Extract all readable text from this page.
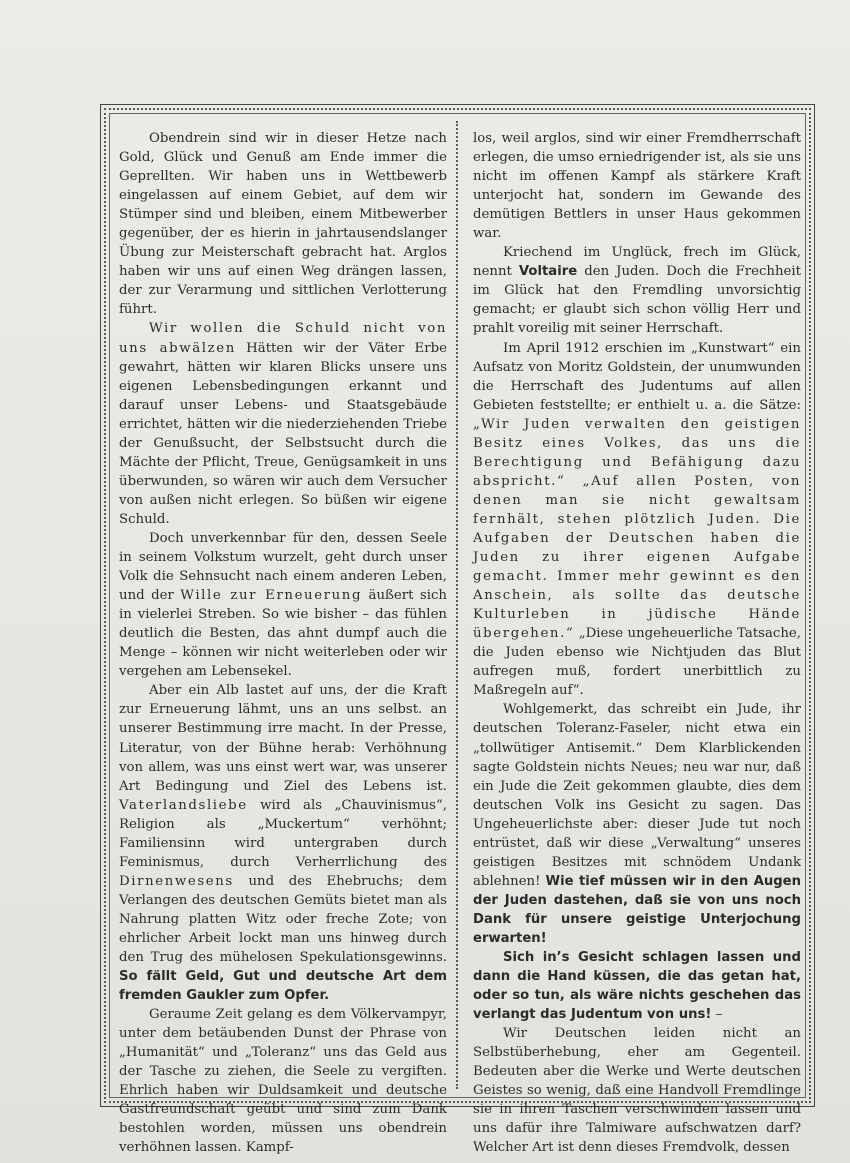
Obendrein sind wir in dieser Hetze nach Gold, Glück und Genuß am Ende immer die Geprellten. Wir haben uns in Wettbewerb eingelassen auf einem Gebiet, auf dem wir Stümper sind und bleiben, einem Mitbewerber gegenüber, der es hierin in jahrtausendslanger Übung zur Meisterschaft gebracht hat. Arglos haben wir uns auf einen Weg drängen lassen, der zur Verarmung und sittlichen Verlotterung führt.

Wir wollen die Schuld nicht von uns abwälzen Hätten wir der Väter Erbe gewahrt, hätten wir klaren Blicks unsere uns eigenen Lebensbedingungen erkannt und darauf unser Lebens- und Staatsgebäude errichtet, hätten wir die niederziehenden Triebe der Genußsucht, der Selbstsucht durch die Mächte der Pflicht, Treue, Genügsamkeit in uns überwunden, so wären wir auch dem Versucher von außen nicht erlegen. So büßen wir eigene Schuld.

Doch unverkennbar für den, dessen Seele in seinem Volkstum wurzelt, geht durch unser Volk die Sehnsucht nach einem anderen Leben, und der Wille zur Erneuerung äußert sich in vielerlei Streben. So wie bisher – das fühlen deutlich die Besten, das ahnt dumpf auch die Menge – können wir nicht weiterleben oder wir vergehen am Lebensekel.

Aber ein Alb lastet auf uns, der die Kraft zur Erneuerung lähmt, uns an uns selbst. an unserer Bestimmung irre macht. In der Presse, Literatur, von der Bühne herab: Verhöhnung von allem, was uns einst wert war, was unserer Art Bedingung und Ziel des Lebens ist. Vaterlandsliebe wird als „Chauvinismus“, Religion als „Muckertum“ verhöhnt; Familiensinn wird untergraben durch Feminismus, durch Verherrlichung des Dirnenwesens und des Ehebruchs; dem Verlangen des deutschen Gemüts bietet man als Nahrung platten Witz oder freche Zote; von ehrlicher Arbeit lockt man uns hinweg durch den Trug des mühelosen Spekulationsgewinns. So fällt Geld, Gut und deutsche Art dem fremden Gaukler zum Opfer.

Geraume Zeit gelang es dem Völkervampyr, unter dem betäubenden Dunst der Phrase von „Humanität“ und „Toleranz“ uns das Geld aus der Tasche zu ziehen, die Seele zu vergiften. Ehrlich haben wir Duldsamkeit und deutsche Gastfreundschaft geübt und sind zum Dank bestohlen worden, müssen uns obendrein verhöhnen lassen. Kampf-

los, weil arglos, sind wir einer Fremdherrschaft erlegen, die umso erniedrigender ist, als sie uns nicht im offenen Kampf als stärkere Kraft unterjocht hat, sondern im Gewande des demütigen Bettlers in unser Haus gekommen war.

Kriechend im Unglück, frech im Glück, nennt Voltaire den Juden. Doch die Frechheit im Glück hat den Fremdling unvorsichtig gemacht; er glaubt sich schon völlig Herr und prahlt voreilig mit seiner Herrschaft.

Im April 1912 erschien im „Kunstwart“ ein Aufsatz von Moritz Goldstein, der unumwunden die Herrschaft des Judentums auf allen Gebieten feststellte; er enthielt u. a. die Sätze: „Wir Juden verwalten den geistigen Besitz eines Volkes, das uns die Berechtigung und Befähigung dazu abspricht.“ „Auf allen Posten, von denen man sie nicht gewaltsam fernhält, stehen plötzlich Juden. Die Aufgaben der Deutschen haben die Juden zu ihrer eigenen Aufgabe gemacht. Immer mehr gewinnt es den Anschein, als sollte das deutsche Kulturleben in jüdische Hände übergehen.“ „Diese ungeheuerliche Tatsache, die Juden ebenso wie Nichtjuden das Blut aufregen muß, fordert unerbittlich zu Maßregeln auf“.

Wohlgemerkt, das schreibt ein Jude, ihr deutschen Toleranz-Faseler, nicht etwa ein „tollwütiger Antisemit.“ Dem Klarblickenden sagte Goldstein nichts Neues; neu war nur, daß ein Jude die Zeit gekommen glaubte, dies dem deutschen Volk ins Gesicht zu sagen. Das Ungeheuerlichste aber: dieser Jude tut noch entrüstet, daß wir diese „Verwaltung“ unseres geistigen Besitzes mit schnödem Undank ablehnen! Wie tief müssen wir in den Augen der Juden dastehen, daß sie von uns noch Dank für unsere geistige Unterjochung erwarten!

Sich in’s Gesicht schlagen lassen und dann die Hand küssen, die das getan hat, oder so tun, als wäre nichts geschehen das verlangt das Judentum von uns! –

Wir Deutschen leiden nicht an Selbstüberhebung, eher am Gegenteil. Bedeuten aber die Werke und Werte deutschen Geistes so wenig, daß eine Handvoll Fremdlinge sie in ihren Taschen verschwinden lassen und uns dafür ihre Talmiware aufschwatzen darf? Welcher Art ist denn dieses Fremdvolk, dessen
